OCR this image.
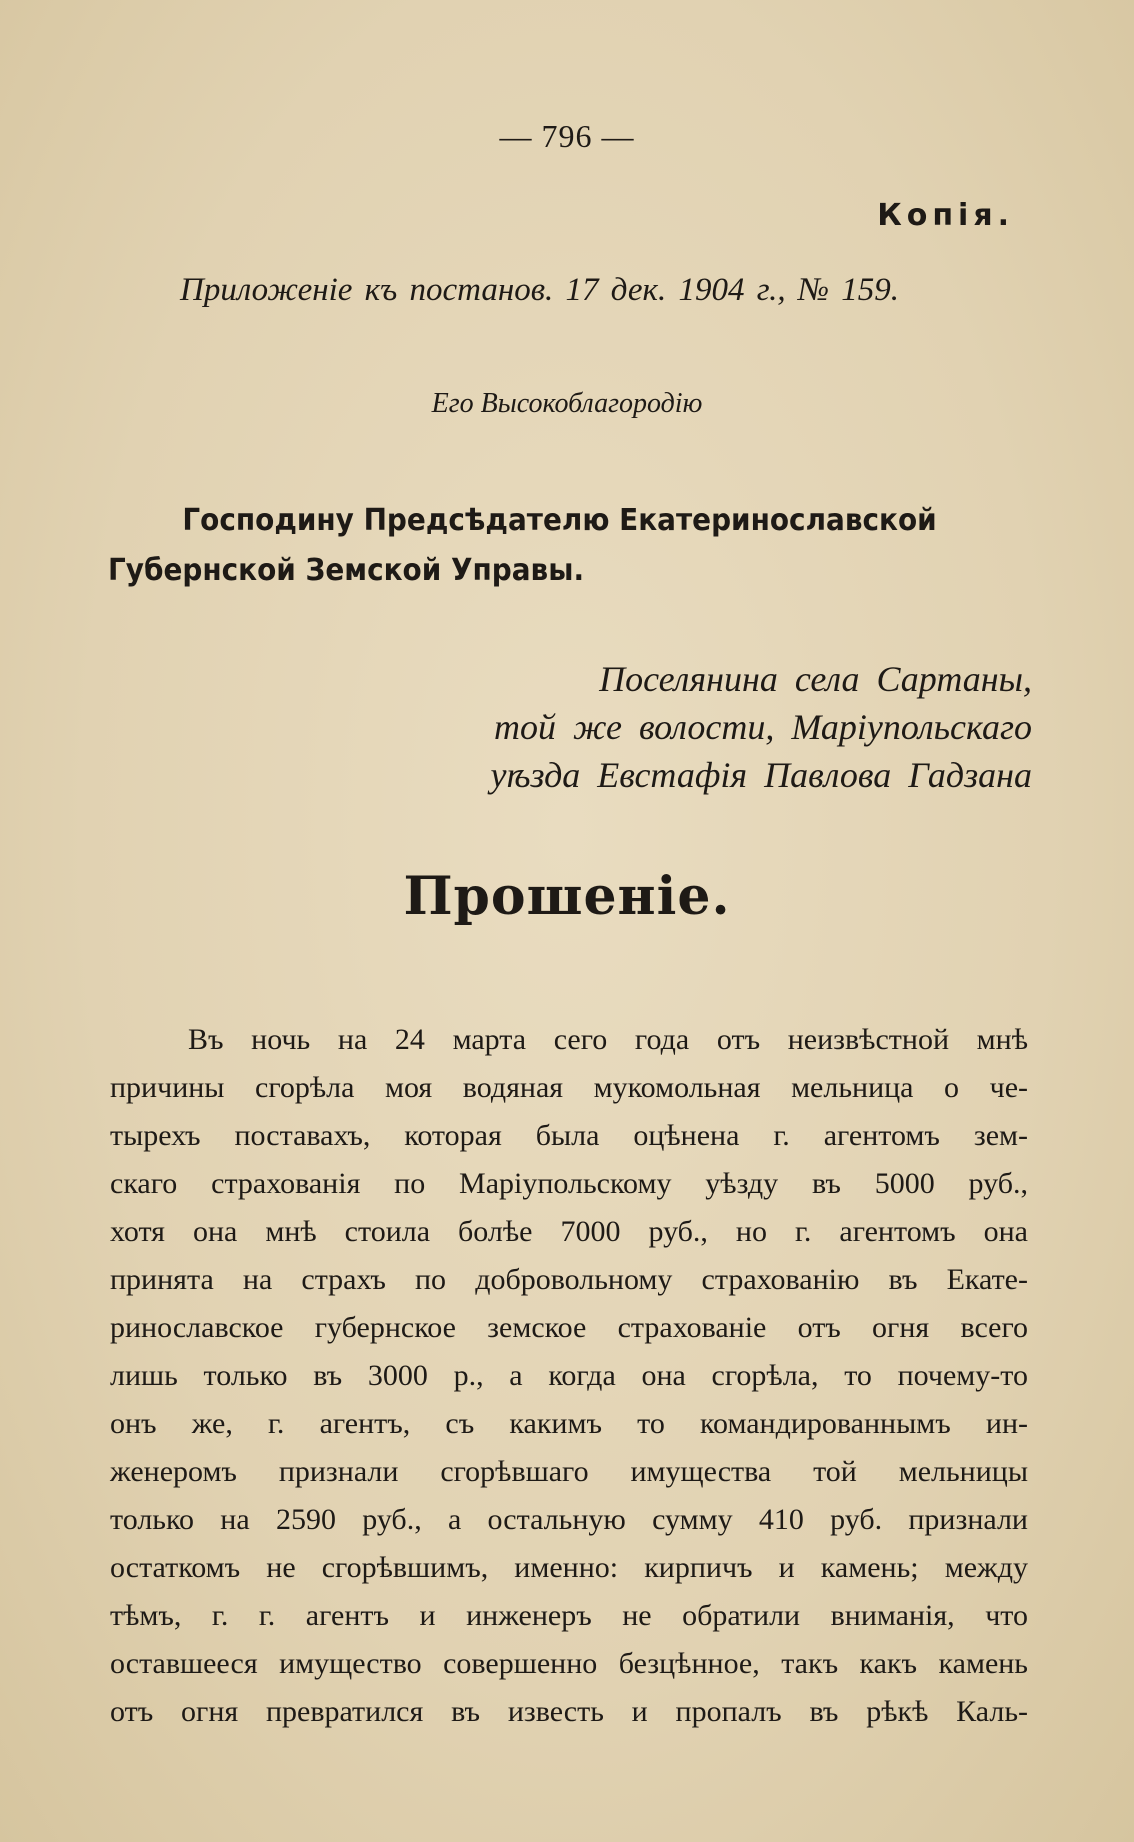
— 796 —
Копія.
Приложеніе къ постанов. 17 дек. 1904 г., № 159.
Его Высокоблагородію
Господину Предсѣдателю Екатеринославской Губернской Земской Управы.
Поселянина села Сартаны,
той же волости, Маріупольскаго
уѣзда Евстафія Павлова Гадзана
Прошеніе.
Въ ночь на 24 марта сего года отъ неизвѣстной мнѣ
причины сгорѣла моя водяная мукомольная мельница о че-
тырехъ поставахъ, которая была оцѣнена г. агентомъ зем-
скаго страхованія по Маріупольскому уѣзду въ 5000 руб.,
хотя она мнѣ стоила болѣе 7000 руб., но г. агентомъ она
принята на страхъ по добровольному страхованію въ Екате-
ринославское губернское земское страхованіе отъ огня всего
лишь только въ 3000 р., а когда она сгорѣла, то почему-то
онъ же, г. агентъ, съ какимъ то командированнымъ ин-
женеромъ признали сгорѣвшаго имущества той мельницы
только на 2590 руб., а остальную сумму 410 руб. признали
остаткомъ не сгорѣвшимъ, именно: кирпичъ и камень; между
тѣмъ, г. г. агентъ и инженеръ не обратили вниманія, что
оставшееся имущество совершенно безцѣнное, такъ какъ камень
отъ огня превратился въ известь и пропалъ въ рѣкѣ Каль-
